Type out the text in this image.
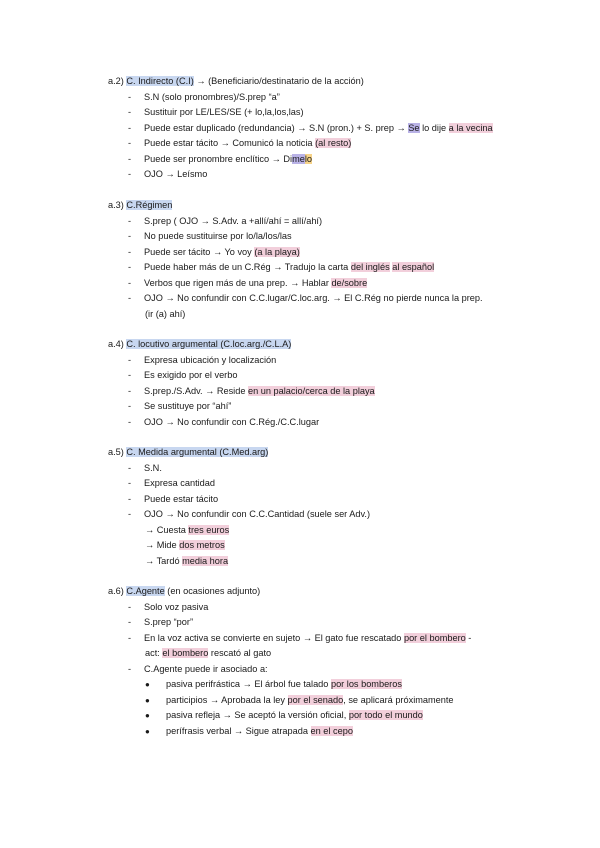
a.2) C. Indirecto (C.I) → (Beneficiario/destinatario de la acción)
- S.N (solo pronombres)/S.prep “a”
- Sustituir por LE/LES/SE (+ lo,la,los,las)
- Puede estar duplicado (redundancia) → S.N (pron.) + S. prep → Se lo dije a la vecina
- Puede estar tácito → Comunicó la noticia (al resto)
- Puede ser pronombre enclítico → Dimelo
- OJO → Leísmo
a.3) C.Régimen
- S.prep ( OJO → S.Adv. a +allí/ahí = allí/ahí)
- No puede sustituirse por lo/la/los/las
- Puede ser tácito → Yo voy (a la playa)
- Puede haber más de un C.Rég → Tradujo la carta del inglés al español
- Verbos que rigen más de una prep. → Hablar de/sobre
- OJO → No confundir con C.C.lugar/C.loc.arg. → El C.Rég no pierde nunca la prep.
(ir (a) ahí)
a.4) C. locutivo argumental (C.loc.arg./C.L.A)
- Expresa ubicación y localización
- Es exigido por el verbo
- S.prep./S.Adv. → Reside en un palacio/cerca de la playa
- Se sustituye por “ahí”
- OJO → No confundir con C.Rég./C.C.lugar
a.5) C. Medida argumental (C.Med.arg)
- S.N.
- Expresa cantidad
- Puede estar tácito
- OJO → No confundir con C.C.Cantidad (suele ser Adv.)
→ Cuesta tres euros
→ Mide dos metros
→ Tardó media hora
a.6) C.Agente (en ocasiones adjunto)
- Solo voz pasiva
- S.prep “por”
- En la voz activa se convierte en sujeto → El gato fue rescatado por el bombero -
act: el bombero rescató al gato
- C.Agente puede ir asociado a:
● pasiva perifrástica → El árbol fue talado por los bomberos
● participios → Aprobada la ley por el senado, se aplicará próximamente
● pasiva refleja → Se aceptó la versión oficial, por todo el mundo
● perífrasis verbal → Sigue atrapada en el cepo
